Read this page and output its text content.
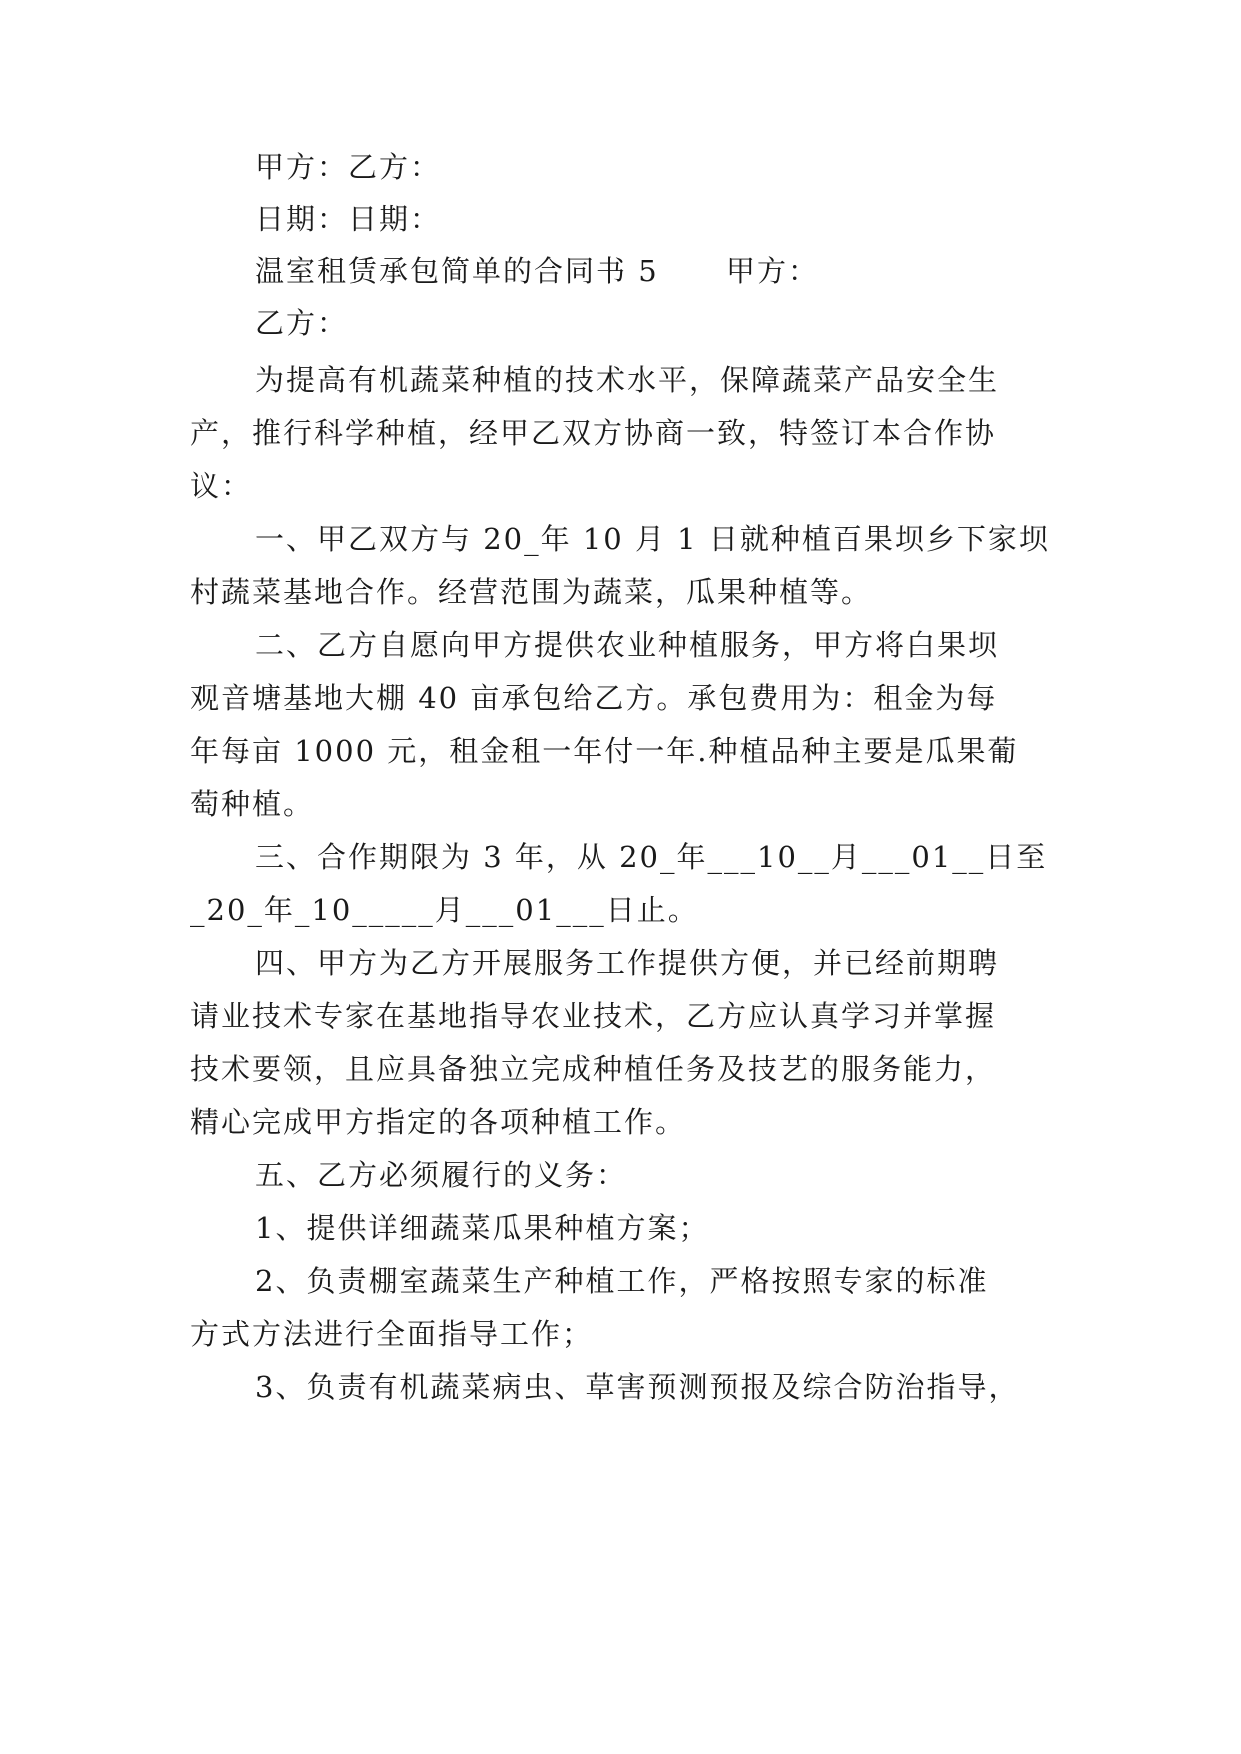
甲方：乙方：
日期：日期：
温室租赁承包简单的合同书 5      甲方：
乙方：
为提高有机蔬菜种植的技术水平，保障蔬菜产品安全生
产，推行科学种植，经甲乙双方协商一致，特签订本合作协
议：
一、甲乙双方与 20_年 10 月 1 日就种植百果坝乡下家坝
村蔬菜基地合作。经营范围为蔬菜，瓜果种植等。
二、乙方自愿向甲方提供农业种植服务，甲方将白果坝
观音塘基地大棚 40 亩承包给乙方。承包费用为：租金为每
年每亩 1000 元，租金租一年付一年.种植品种主要是瓜果葡
萄种植。
三、合作期限为 3 年，从 20_年___10__月___01__日至
_20_年_10_____月___01___日止。
四、甲方为乙方开展服务工作提供方便，并已经前期聘
请业技术专家在基地指导农业技术，乙方应认真学习并掌握
技术要领，且应具备独立完成种植任务及技艺的服务能力，
精心完成甲方指定的各项种植工作。
五、乙方必须履行的义务：
1、提供详细蔬菜瓜果种植方案；
2、负责棚室蔬菜生产种植工作，严格按照专家的标准
方式方法进行全面指导工作；
3、负责有机蔬菜病虫、草害预测预报及综合防治指导，
